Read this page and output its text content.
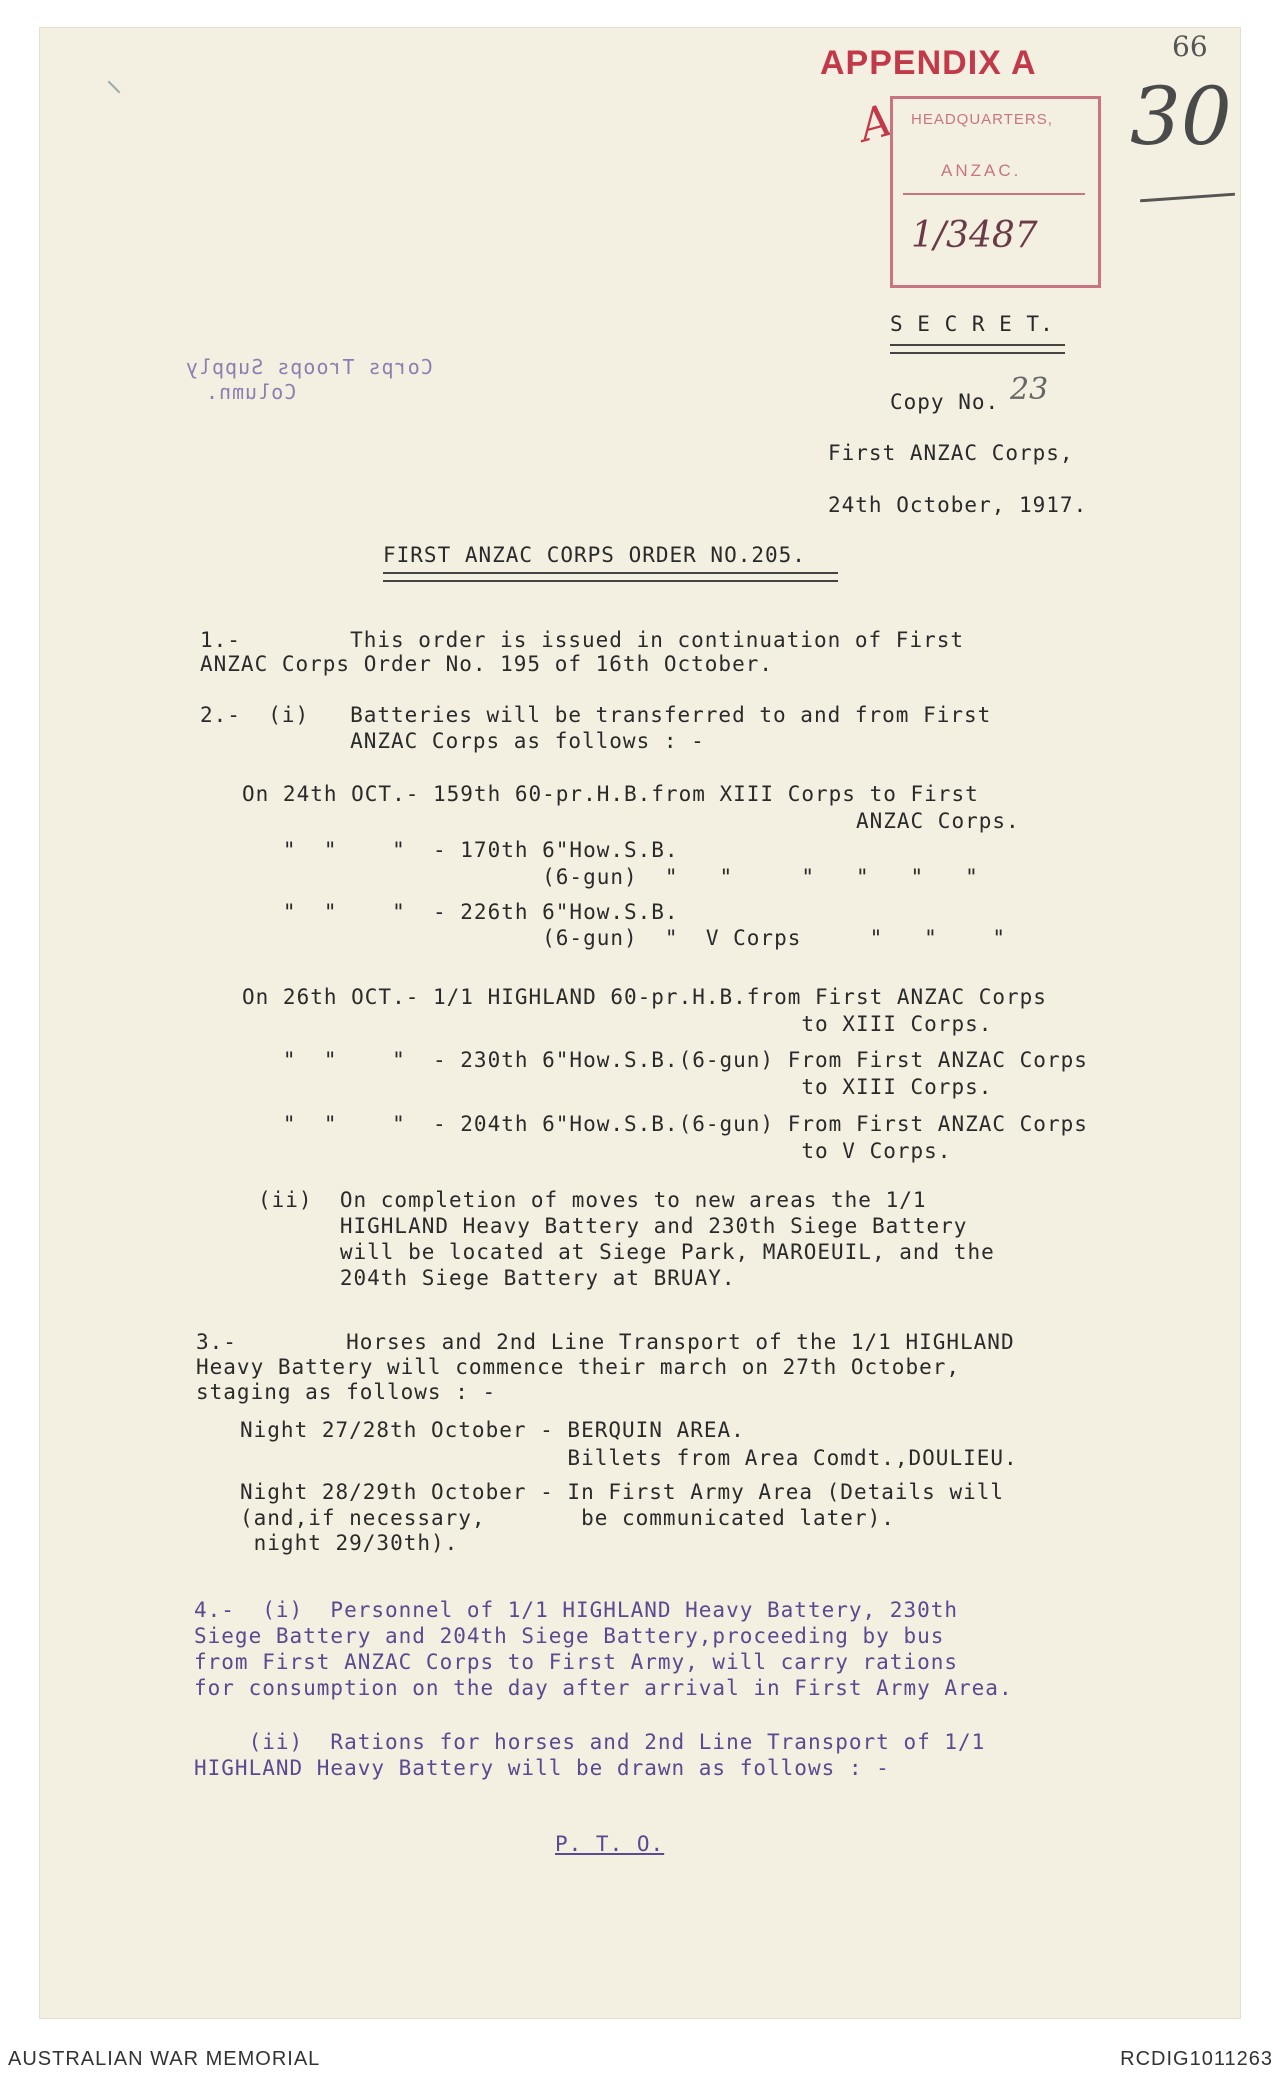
66
30
APPENDIX A
A HEADQUARTERS,
ANZAC.
1/3487
Corps Troops Supply
Column.
S E C R E T.
Copy No. 23
First ANZAC Corps,
24th October, 1917.
FIRST ANZAC CORPS ORDER NO.205.
1.-        This order is issued in continuation of First
ANZAC Corps Order No. 195 of 16th October.
2.-  (i)   Batteries will be transferred to and from First
ANZAC Corps as follows : -
On 24th OCT.- 159th 60-pr.H.B.from XIII Corps to First
ANZAC Corps.
"  "    "  - 170th 6"How.S.B.
(6-gun)  "   "     "   "   "   "
"  "    "  - 226th 6"How.S.B.
(6-gun)  "  V Corps     "   "    "
On 26th OCT.- 1/1 HIGHLAND 60-pr.H.B.from First ANZAC Corps
to XIII Corps.
"  "    "  - 230th 6"How.S.B.(6-gun) From First ANZAC Corps
to XIII Corps.
"  "    "  - 204th 6"How.S.B.(6-gun) From First ANZAC Corps
to V Corps.
(ii)  On completion of moves to new areas the 1/1
HIGHLAND Heavy Battery and 230th Siege Battery
will be located at Siege Park, MAROEUIL, and the
204th Siege Battery at BRUAY.
3.-        Horses and 2nd Line Transport of the 1/1 HIGHLAND
Heavy Battery will commence their march on 27th October,
staging as follows : -
Night 27/28th October - BERQUIN AREA.
Billets from Area Comdt.,DOULIEU.
Night 28/29th October - In First Army Area (Details will
(and,if necessary,       be communicated later).
night 29/30th).
4.-  (i)  Personnel of 1/1 HIGHLAND Heavy Battery, 230th
Siege Battery and 204th Siege Battery,proceeding by bus
from First ANZAC Corps to First Army, will carry rations
for consumption on the day after arrival in First Army Area.
(ii)  Rations for horses and 2nd Line Transport of 1/1
HIGHLAND Heavy Battery will be drawn as follows : -
P. T. O.
AUSTRALIAN WAR MEMORIAL	RCDIG1011263
